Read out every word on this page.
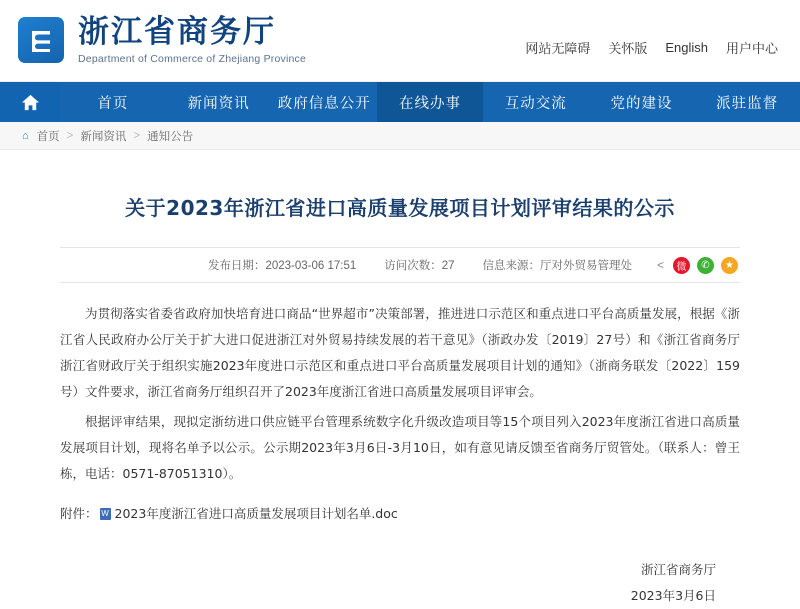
浙江省商务厅
Department of Commerce of Zhejiang Province
网站无障碍 关怀版 English 用户中心
首页	新闻资讯	政府信息公开	在线办事	互动交流	党的建设	派驻监督
⌂ 首页 > 新闻资讯 > 通知公告
关于2023年浙江省进口高质量发展项目计划评审结果的公示
发布日期：2023-03-06 17:51 访问次数：27 信息来源：厅对外贸易管理处 <	微	✆	★

为贯彻落实省委省政府加快培育进口商品“世界超市”决策部署，推进进口示范区和重点进口平台高质量发展，根据《浙江省人民政府办公厅关于扩大进口促进浙江对外贸易持续发展的若干意见》（浙政办发〔2019〕27号）和《浙江省商务厅 浙江省财政厅关于组织实施2023年度进口示范区和重点进口平台高质量发展项目计划的通知》（浙商务联发〔2022〕159号）文件要求，浙江省商务厅组织召开了2023年度浙江省进口高质量发展项目评审会。

根据评审结果，现拟定浙纺进口供应链平台管理系统数字化升级改造项目等15个项目列入2023年度浙江省进口高质量发展项目计划，现将名单予以公示。公示期2023年3月6日-3月10日，如有意见请反馈至省商务厅贸管处。（联系人：曾王栋，电话：0571-87051310）。

附件： W 2023年度浙江省进口高质量发展项目计划名单.doc
浙江省商务厅
2023年3月6日
